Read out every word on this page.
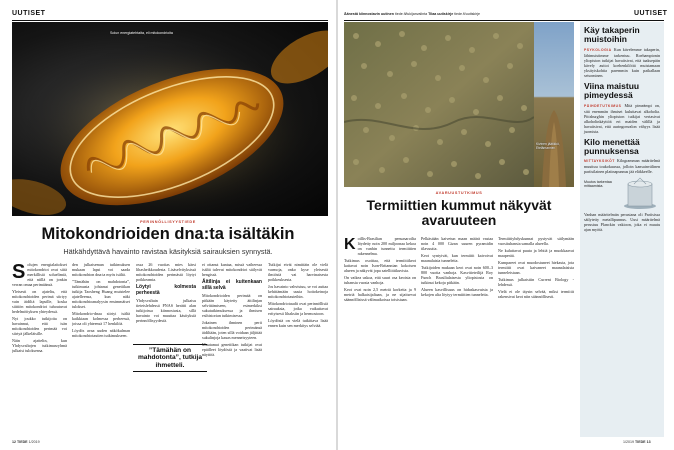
UUTISET
Solun energiatehtaita, eli mitokondrioita
PERINNÖLLISYYSTIEDE
Mitokondrioiden dna:ta isältäkin
Hätkähdyttävä havainto ravistaa käsityksiä sairauksien synnystä.

Solujen energialaitokset mitokondriot ovat siitä merkillisiä soluelimiä, että niillä on jonkin verran omaa perimäänsä.

Yleisesti on ajateltu, että mitokondrioiden perimä siirtyy vain äidiltä lapsille, koska siittiön mitokondriot tuhoutuvat hedelmöityksen yhteydessä.

Nyt joukko tutkijoita on havainnut, että isän mitokondrioiden perimää voi siirtyä jälkeläisille.

Näin ajattelin, kun Yhdysvaltojen tutkimusryhmä julkaisi tuloksensa.

den julkaiseman tutkimuksen mukaan lapsi voi saada mitokondrion dna:ta myös isältä.

”Tämähän on mahdotonta”, tutkimusta johtanut genetiikan tutkija Taosheng Huang muistelee ajatelleensa, kun näki mitokondrioanalyysin ensimmäiset tulokset.

Mitokondrio-dnaa siirtyi isältä kaikkiaan kolmessa perheessä, joissa oli yhteensä 17 henkilöä.

Löydös avaa uuden näkökulman mitokondriotautien tutkimukseen.

”Tämähän on mahdotonta”, tutkija ihmetteli.

ossa 26 vuotias mies kärsi lihasheikkoudesta. Lisäselvityksissä mitokondrioiden perimästä löytyi poikkeamia.

Löytyi kolmesta perheestä

Yhdysvaltain julkaisu tieteislehdessä PNAS herätti alan tutkijoissa kiinnostusta, sillä havainto voi muuttaa käsityksiä perinnöllisyydestä.

ei ottanut kantaa, missä vaiheessa isältä tulevat mitokondriot säilyvät hengissä.

Äitilinja ei kuitenkaan sillä selvä

Mitokondrioiden perimää on pitkään käytetty äitilinjan selvittämiseen, esimerkiksi sukututkimuksessa ja ihmisen esihistorian tutkimisessa.

Jokainen ihminen perii mitokondrioiden perimänsä äidiltään, joten sillä voidaan jäljittää sukulinjoja kauas menneisyyteen.

Muutamat genetiikan tutkijat ovat epäilleet löydöstä ja vaativat lisää näyttöä.

Tutkijat eivät nimittäin ole vielä varmoja, onko kyse yleisestä ilmiöstä vai harvinaisesta poikkeuksesta.

Jos havainto vahvistuu, se voi auttaa kehittämään uusia hoitokeinoja mitokondriotauteihin.

Mitokondriotaudit ovat perinnöllisiä sairauksia, jotka vaikuttavat erityisesti lihaksiin ja hermostoon.

Löydöstä on vielä tutkittava lisää ennen kuin sen merkitys selviää.

12 TIEDE 1/2019
Äänestä kiinnostavin uutinen tiede.fi/lukijanvalinta Tilaa uutiskirje tiede.fi/uutiskirje	UUTISET
Kivinen jäätikkö, Etelämanner.
AVARUUSTUTKIMUS
Termiittien kummut näkyvät avaruuteen

Koillis-Brasilian pensasaroilta löydetty noin 200 miljoonaa kekoa on vanhin tunnettu termiittien rakennelma.

Tutkimus osoittaa, että termiittikeot kattavat noin Ison-Britannian kokoisen alueen ja näkyvät jopa satelliittikuvista.

On vaikea uskoa, että suuri osa keoista on tuhansia vuosia vanhoja.

Keot ovat noin 2,5 metriä korkeita ja 9 metriä halkaisijaltaan, ja ne sijaitsevat säännöllisissä välimatkoissa toisistaan.

Pelkästään kaivetun maan määrä vastaa noin 4 000 Gizan suuren pyramidin tilavuutta.

Keot syntyivät, kun termiitit kaivoivat maanalaisia tunneleita.

Tutkijoiden mukaan keot ovat noin 600–3 800 vuotta vanhoja. Kasvitieteilijä Roy Funch Brasilialaisesta yliopistosta on tutkinut kekoja pitkään.

Alueen kasvillisuus on hidaskasvuista ja kekojen alta löytyy termiittien tunneleita.

Termiittiyhdyskunnat pystyvät säilymään vuosituhansia samalla alueella.

Ne kuluttavat puuta ja lehtiä ja muokkaavat maaperää.

Kumpareet ovat muodostuneet hiekasta, jota termiitit ovat kaivaneet maanalaisista tunneleistaan.

Tutkimus julkaistiin Current Biology -lehdessä.

Vielä ei ole täysin selvää, miksi termiitit rakensivat keot niin säännöllisesti.

Käy takaperin muistoihin
PSYKOLOGIA Kun kävelemme takaperin, lähimuistimme tarkentuu. Roehamptonin yliopiston tutkijat havaitsivat, että taaksepäin kävely auttoi koehenkilöitä muistamaan yksityiskohtia paremmin kuin paikallaan seisominen.
Viina maistuu pimeydessä
PÄIHDETUTKIMUS Mitä pimeämpi on, sitä enemmän ihmiset kuluttavat alkoholia. Pittsburghin yliopiston tutkijat vertasivat alkoholinkäyttöä eri maiden välillä ja havaitsivat, että auringonvalon vähyys lisää juomista.
Kilo menettää punnuksensa
MITTAYKSIKÖT Kilogramman määritelmä muuttuu toukokuussa, jolloin kansainvälinen pariisilainen platinapunnus jää eläkkeelle.
Muutos tarkentaa mittaamista.
Vanhan määritelmän perustana oli Pariisissa säilytetty metallipunnus. Uusi määritelmä perustuu Planckin vakioon, joka ei muutu ajan myötä.
1/2019 TIEDE 13
